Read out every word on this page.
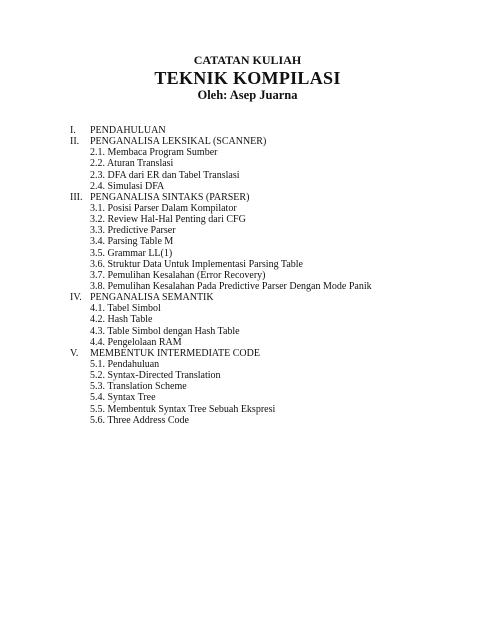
CATATAN KULIAH
TEKNIK KOMPILASI
Oleh: Asep Juarna
I. PENDAHULUAN
II. PENGANALISA LEKSIKAL (SCANNER)
2.1. Membaca Program Sumber
2.2. Aturan Translasi
2.3. DFA dari ER dan Tabel Translasi
2.4. Simulasi DFA
III. PENGANALISA SINTAKS (PARSER)
3.1. Posisi Parser Dalam Kompilator
3.2. Review Hal-Hal Penting dari CFG
3.3. Predictive Parser
3.4. Parsing Table M
3.5. Grammar LL(1)
3.6. Struktur Data Untuk Implementasi Parsing Table
3.7. Pemulihan Kesalahan (Error Recovery)
3.8. Pemulihan Kesalahan Pada Predictive Parser Dengan Mode Panik
IV. PENGANALISA SEMANTIK
4.1. Tabel Simbol
4.2. Hash Table
4.3. Table Simbol dengan Hash Table
4.4. Pengelolaan RAM
V. MEMBENTUK INTERMEDIATE CODE
5.1. Pendahuluan
5.2. Syntax-Directed Translation
5.3. Translation Scheme
5.4. Syntax Tree
5.5. Membentuk Syntax Tree Sebuah Ekspresi
5.6. Three Address Code
